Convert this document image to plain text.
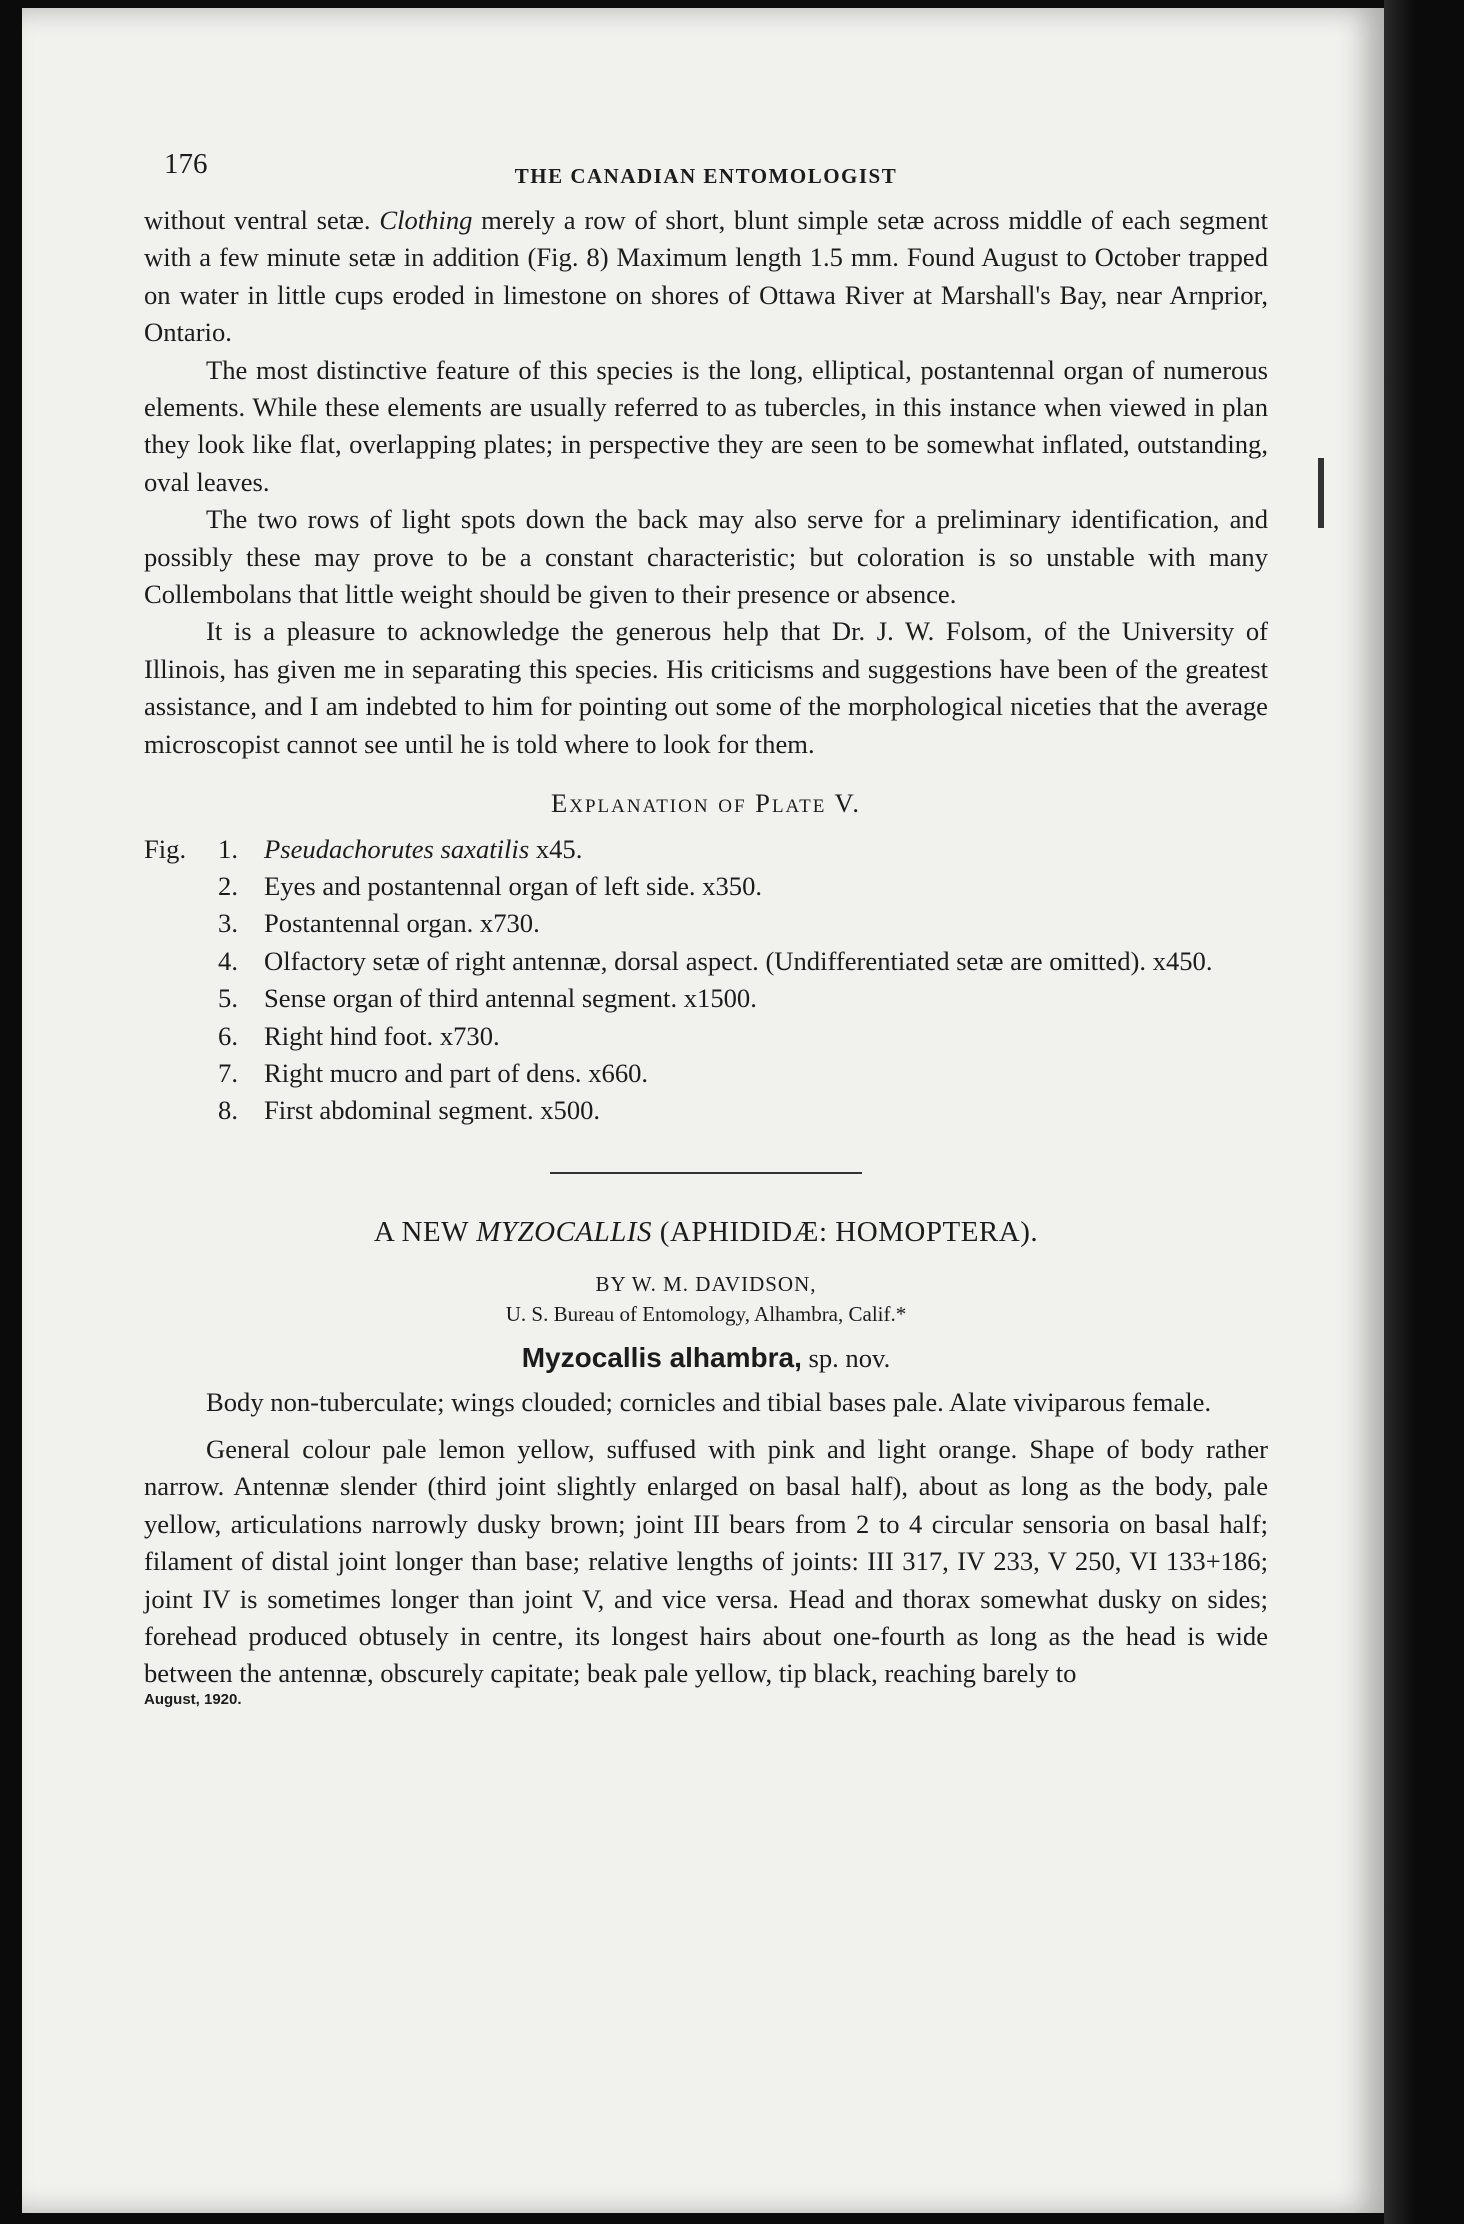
176	THE CANADIAN ENTOMOLOGIST

without ventral setæ. Clothing merely a row of short, blunt simple setæ across middle of each segment with a few minute setæ in addition (Fig. 8) Maximum length 1.5 mm. Found August to October trapped on water in little cups eroded in limestone on shores of Ottawa River at Marshall's Bay, near Arnprior, Ontario.

The most distinctive feature of this species is the long, elliptical, postantennal organ of numerous elements. While these elements are usually referred to as tubercles, in this instance when viewed in plan they look like flat, overlapping plates; in perspective they are seen to be somewhat inflated, outstanding, oval leaves.

The two rows of light spots down the back may also serve for a preliminary identification, and possibly these may prove to be a constant characteristic; but coloration is so unstable with many Collembolans that little weight should be given to their presence or absence.

It is a pleasure to acknowledge the generous help that Dr. J. W. Folsom, of the University of Illinois, has given me in separating this species. His criticisms and suggestions have been of the greatest assistance, and I am indebted to him for pointing out some of the morphological niceties that the average microscopist cannot see until he is told where to look for them.

Explanation of Plate V.
Fig.	1. Pseudachorutes saxatilis x45.
2. Eyes and postantennal organ of left side. x350.
3. Postantennal organ. x730.
4. Olfactory setæ of right antennæ, dorsal aspect. (Undifferentiated setæ are omitted). x450.
5. Sense organ of third antennal segment. x1500.
6. Right hind foot. x730.
7. Right mucro and part of dens. x660.
8. First abdominal segment. x500.
A NEW MYZOCALLIS (APHIDIDÆ: HOMOPTERA).
BY W. M. DAVIDSON,
U. S. Bureau of Entomology, Alhambra, Calif.*
Myzocallis alhambra, sp. nov.

Body non-tuberculate; wings clouded; cornicles and tibial bases pale. Alate viviparous female.

General colour pale lemon yellow, suffused with pink and light orange. Shape of body rather narrow. Antennæ slender (third joint slightly enlarged on basal half), about as long as the body, pale yellow, articulations narrowly dusky brown; joint III bears from 2 to 4 circular sensoria on basal half; filament of distal joint longer than base; relative lengths of joints: III 317, IV 233, V 250, VI 133+186; joint IV is sometimes longer than joint V, and vice versa. Head and thorax somewhat dusky on sides; forehead produced obtusely in centre, its longest hairs about one-fourth as long as the head is wide between the antennæ, obscurely capitate; beak pale yellow, tip black, reaching barely to

August, 1920.
